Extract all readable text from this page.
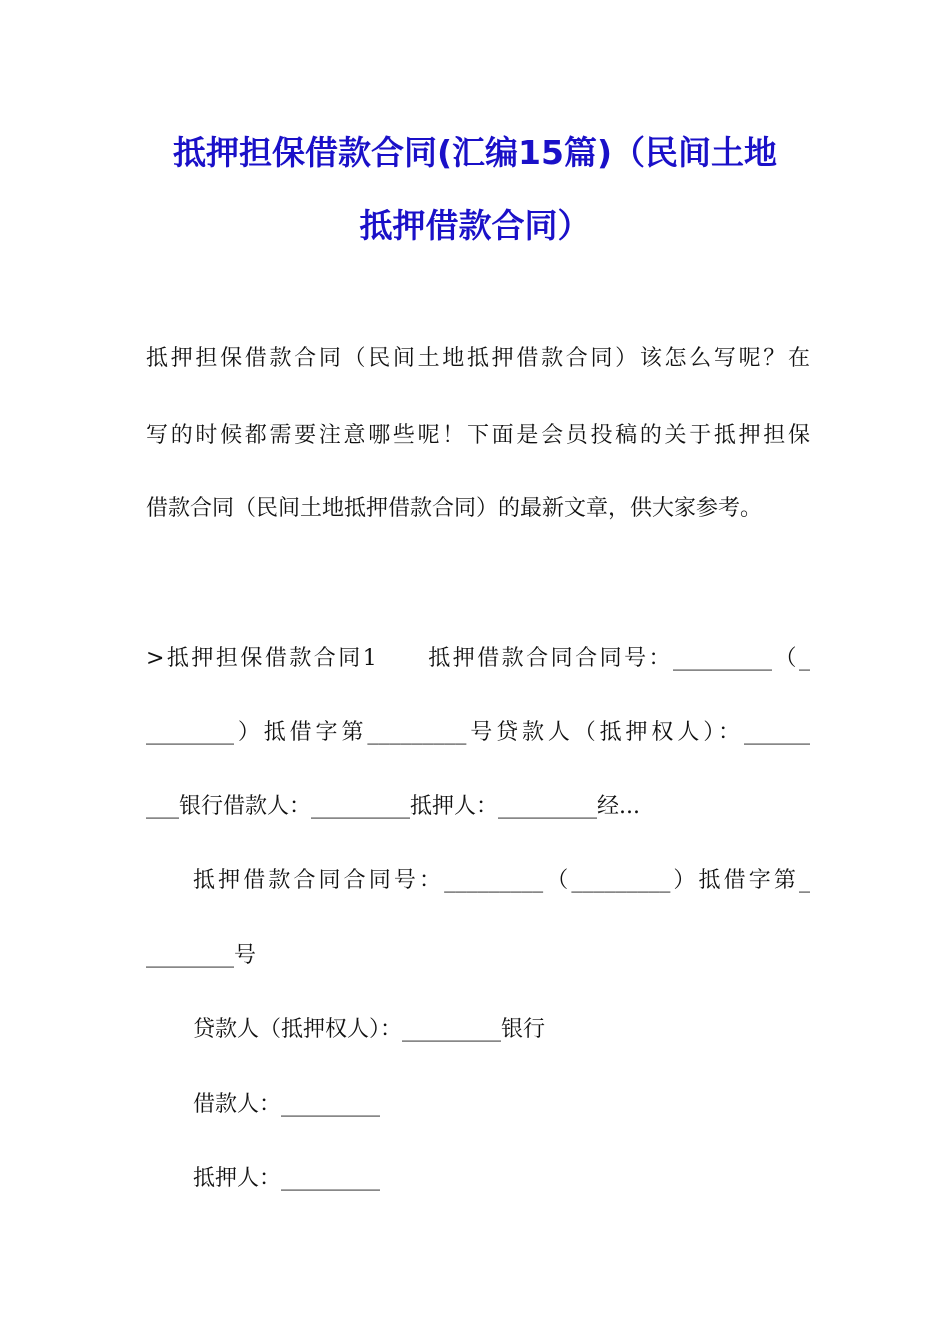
抵押担保借款合同(汇编15篇)（民间土地
抵押借款合同）
抵押担保借款合同（民间土地抵押借款合同）该怎么写呢？在
写的时候都需要注意哪些呢！下面是会员投稿的关于抵押担保
借款合同（民间土地抵押借款合同）的最新文章，供大家参考。
>抵押担保借款合同1　　抵押借款合同合同号：_________（_
________）抵借字第_________号贷款人（抵押权人）：______
___银行借款人：_________抵押人：_________经...
抵押借款合同合同号：_________（_________）抵借字第_
________号
贷款人（抵押权人）：_________银行
借款人：_________
抵押人：_________
